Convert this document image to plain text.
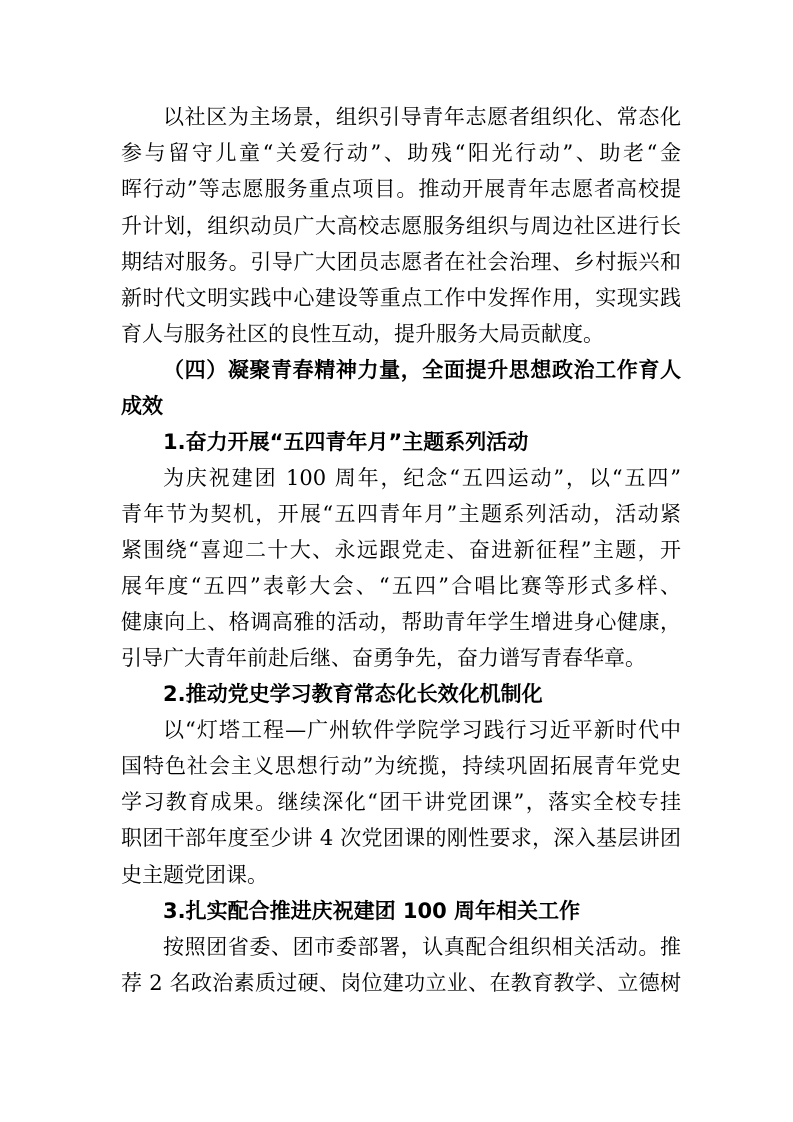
以社区为主场景，组织引导青年志愿者组织化、常态化
参与留守儿童“关爱行动”、助残“阳光行动”、助老“金
晖行动”等志愿服务重点项目。推动开展青年志愿者高校提
升计划，组织动员广大高校志愿服务组织与周边社区进行长
期结对服务。引导广大团员志愿者在社会治理、乡村振兴和
新时代文明实践中心建设等重点工作中发挥作用，实现实践
育人与服务社区的良性互动，提升服务大局贡献度。
（四）凝聚青春精神力量，全面提升思想政治工作育人
成效
1.奋力开展“五四青年月”主题系列活动
为庆祝建团 100 周年，纪念“五四运动”，以“五四”
青年节为契机，开展“五四青年月”主题系列活动，活动紧
紧围绕“喜迎二十大、永远跟党走、奋进新征程”主题，开
展年度“五四”表彰大会、“五四”合唱比赛等形式多样、
健康向上、格调高雅的活动，帮助青年学生增进身心健康，
引导广大青年前赴后继、奋勇争先，奋力谱写青春华章。
2.推动党史学习教育常态化长效化机制化
以“灯塔工程—广州软件学院学习践行习近平新时代中
国特色社会主义思想行动”为统揽，持续巩固拓展青年党史
学习教育成果。继续深化“团干讲党团课”，落实全校专挂
职团干部年度至少讲 4 次党团课的刚性要求，深入基层讲团
史主题党团课。
3.扎实配合推进庆祝建团 100 周年相关工作
按照团省委、团市委部署，认真配合组织相关活动。推
荐 2 名政治素质过硬、岗位建功立业、在教育教学、立德树
